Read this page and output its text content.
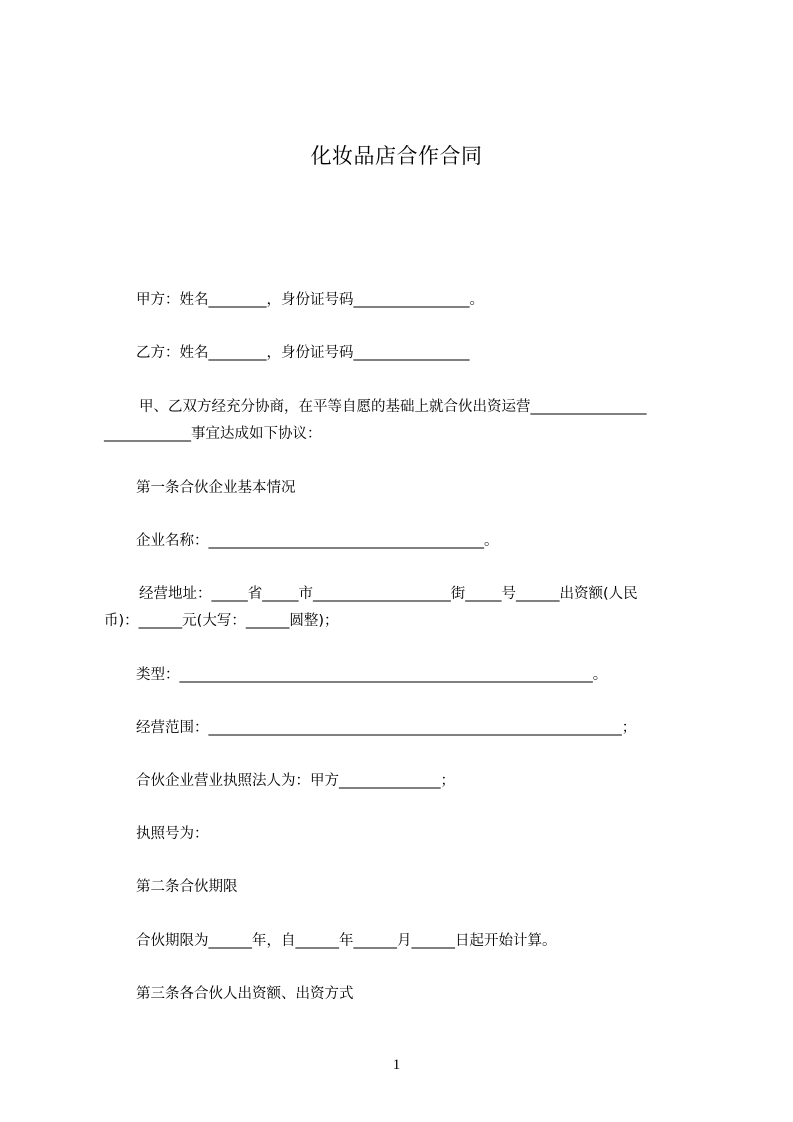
化妆品店合作合同
甲方：姓名________，身份证号码________________。
乙方：姓名________，身份证号码________________
甲、乙双方经充分协商，在平等自愿的基础上就合伙出资运营________________
____________事宜达成如下协议：
第一条合伙企业基本情况
企业名称：______________________________________。
经营地址：_____省_____市___________________街_____号______出资额(人民
币)：______元(大写：______圆整)；
类型：_________________________________________________________。
经营范围：_________________________________________________________；
合伙企业营业执照法人为：甲方______________；
执照号为：
第二条合伙期限
合伙期限为______年，自______年______月______日起开始计算。
第三条各合伙人出资额、出资方式
1
